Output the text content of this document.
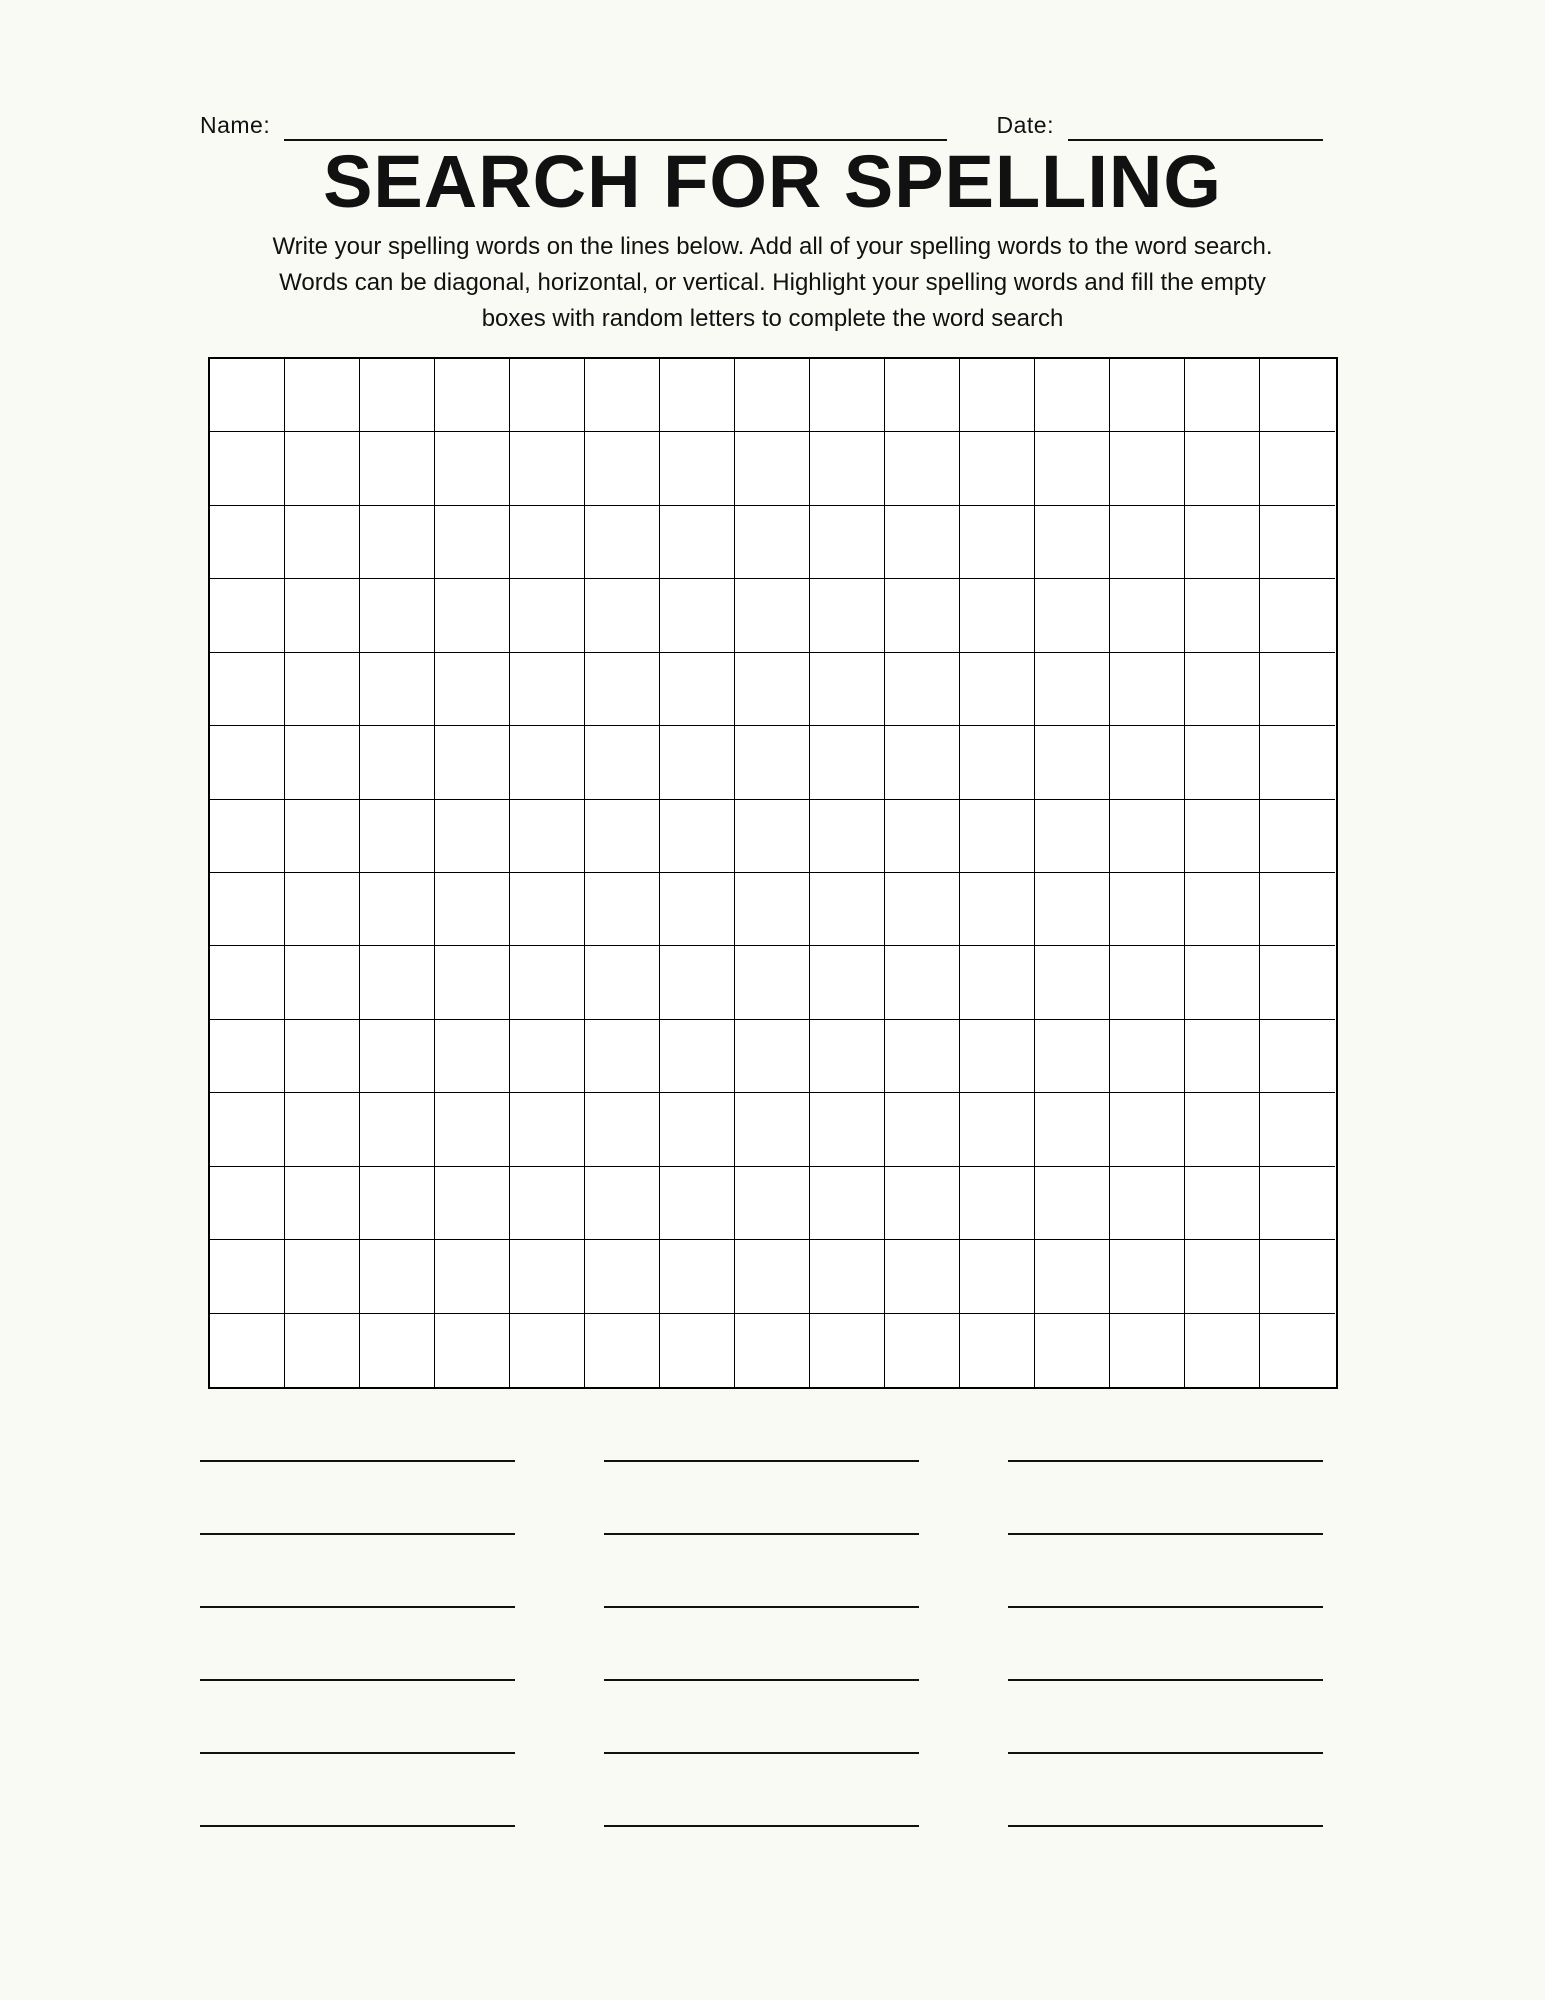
Name:	Date:
SEARCH FOR SPELLING
Write your spelling words on the lines below. Add all of your spelling words to the word search.
Words can be diagonal, horizontal, or vertical. Highlight your spelling words and fill the empty
boxes with random letters to complete the word search
